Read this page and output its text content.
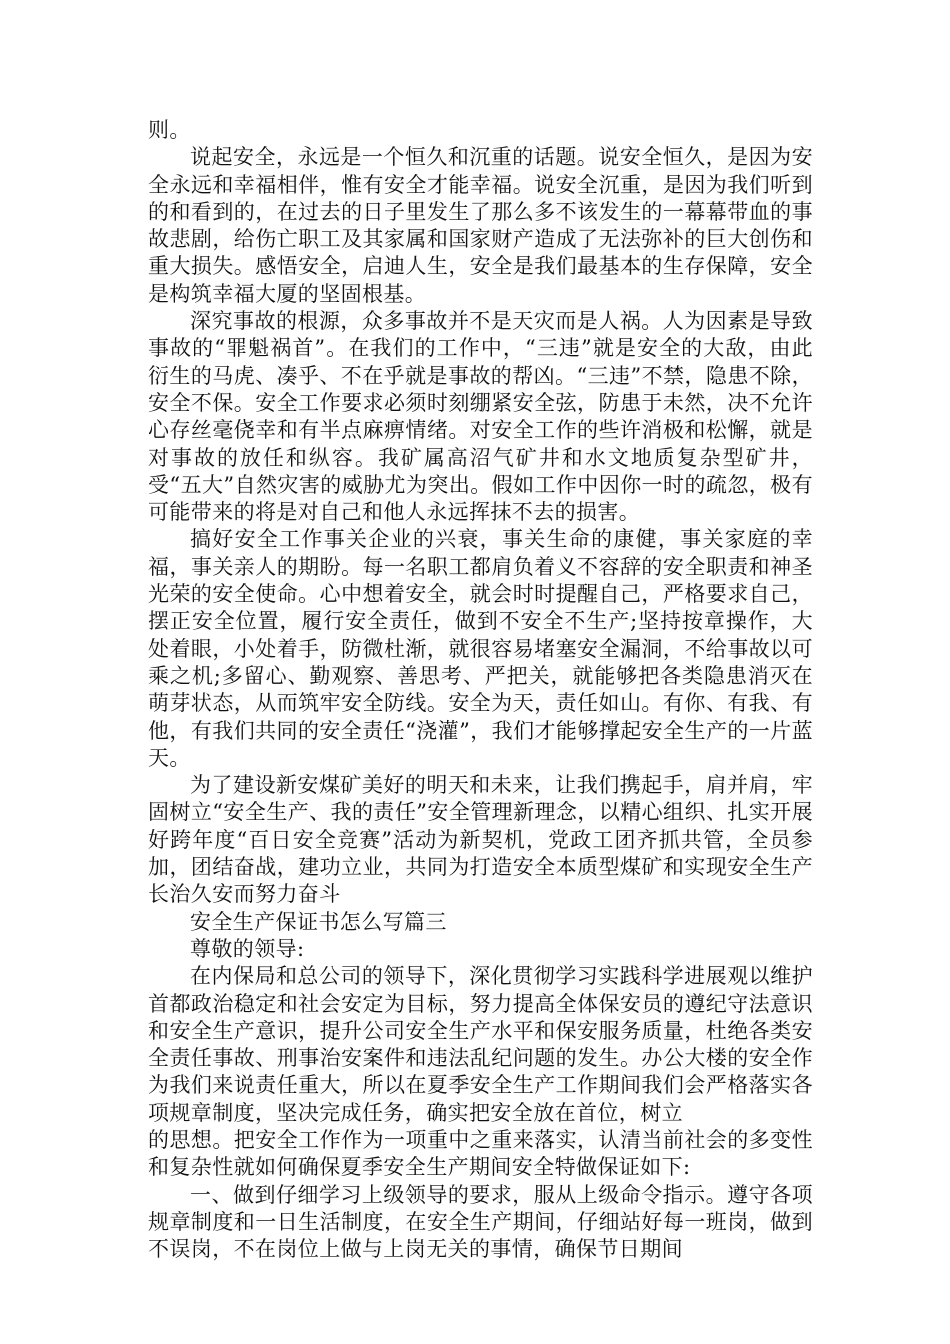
则。

说起安全，永远是一个恒久和沉重的话题。说安全恒久，是因为安全永远和幸福相伴，惟有安全才能幸福。说安全沉重，是因为我们听到的和看到的，在过去的日子里发生了那么多不该发生的一幕幕带血的事故悲剧，给伤亡职工及其家属和国家财产造成了无法弥补的巨大创伤和重大损失。感悟安全，启迪人生，安全是我们最基本的生存保障，安全是构筑幸福大厦的坚固根基。

深究事故的根源，众多事故并不是天灾而是人祸。人为因素是导致事故的“罪魁祸首”。在我们的工作中，“三违”就是安全的大敌，由此衍生的马虎、凑乎、不在乎就是事故的帮凶。“三违”不禁，隐患不除，安全不保。安全工作要求必须时刻绷紧安全弦，防患于未然，决不允许心存丝毫侥幸和有半点麻痹情绪。对安全工作的些许消极和松懈，就是对事故的放任和纵容。我矿属高沼气矿井和水文地质复杂型矿井，受“五大”自然灾害的威胁尤为突出。假如工作中因你一时的疏忽，极有可能带来的将是对自己和他人永远挥抹不去的损害。

搞好安全工作事关企业的兴衰，事关生命的康健，事关家庭的幸福，事关亲人的期盼。每一名职工都肩负着义不容辞的安全职责和神圣光荣的安全使命。心中想着安全，就会时时提醒自己，严格要求自己，摆正安全位置，履行安全责任，做到不安全不生产;坚持按章操作，大处着眼，小处着手，防微杜渐，就很容易堵塞安全漏洞，不给事故以可乘之机;多留心、勤观察、善思考、严把关，就能够把各类隐患消灭在萌芽状态，从而筑牢安全防线。安全为天，责任如山。有你、有我、有他，有我们共同的安全责任“浇灌”，我们才能够撑起安全生产的一片蓝天。

为了建设新安煤矿美好的明天和未来，让我们携起手，肩并肩，牢固树立“安全生产、我的责任”安全管理新理念，以精心组织、扎实开展好跨年度“百日安全竞赛”活动为新契机，党政工团齐抓共管，全员参加，团结奋战，建功立业，共同为打造安全本质型煤矿和实现安全生产长治久安而努力奋斗

安全生产保证书怎么写篇三

尊敬的领导:

在内保局和总公司的领导下，深化贯彻学习实践科学进展观以维护首都政治稳定和社会安定为目标，努力提高全体保安员的遵纪守法意识和安全生产意识，提升公司安全生产水平和保安服务质量，杜绝各类安全责任事故、刑事治安案件和违法乱纪问题的发生。办公大楼的安全作为我们来说责任重大，所以在夏季安全生产工作期间我们会严格落实各项规章制度，坚决完成任务，确实把安全放在首位，树立

的思想。把安全工作作为一项重中之重来落实，认清当前社会的多变性和复杂性就如何确保夏季安全生产期间安全特做保证如下:

一、做到仔细学习上级领导的要求，服从上级命令指示。遵守各项规章制度和一日生活制度，在安全生产期间，仔细站好每一班岗，做到不误岗，不在岗位上做与上岗无关的事情，确保节日期间
